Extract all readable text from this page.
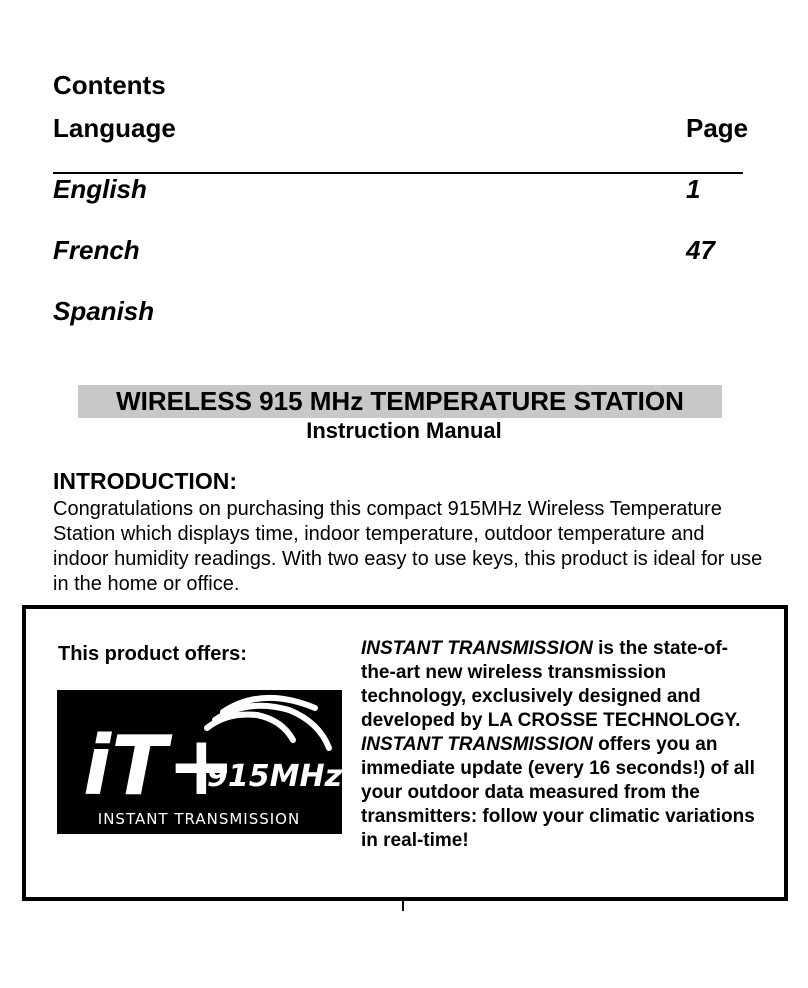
Contents
Language	Page
English	1
French	47
Spanish
WIRELESS 915 MHz TEMPERATURE STATION
Instruction Manual
INTRODUCTION:
Congratulations on purchasing this compact 915MHz Wireless Temperature Station which displays time, indoor temperature, outdoor temperature and indoor humidity readings. With two easy to use keys, this product is ideal for use in the home or office.
This product offers:
iT+
915MHz
INSTANT TRANSMISSION
INSTANT TRANSMISSION is the state-of-the-art new wireless transmission technology, exclusively designed and developed by LA CROSSE TECHNOLOGY. INSTANT TRANSMISSION offers you an immediate update (every 16 seconds!) of all your outdoor data measured from the transmitters: follow your climatic variations in real-time!
